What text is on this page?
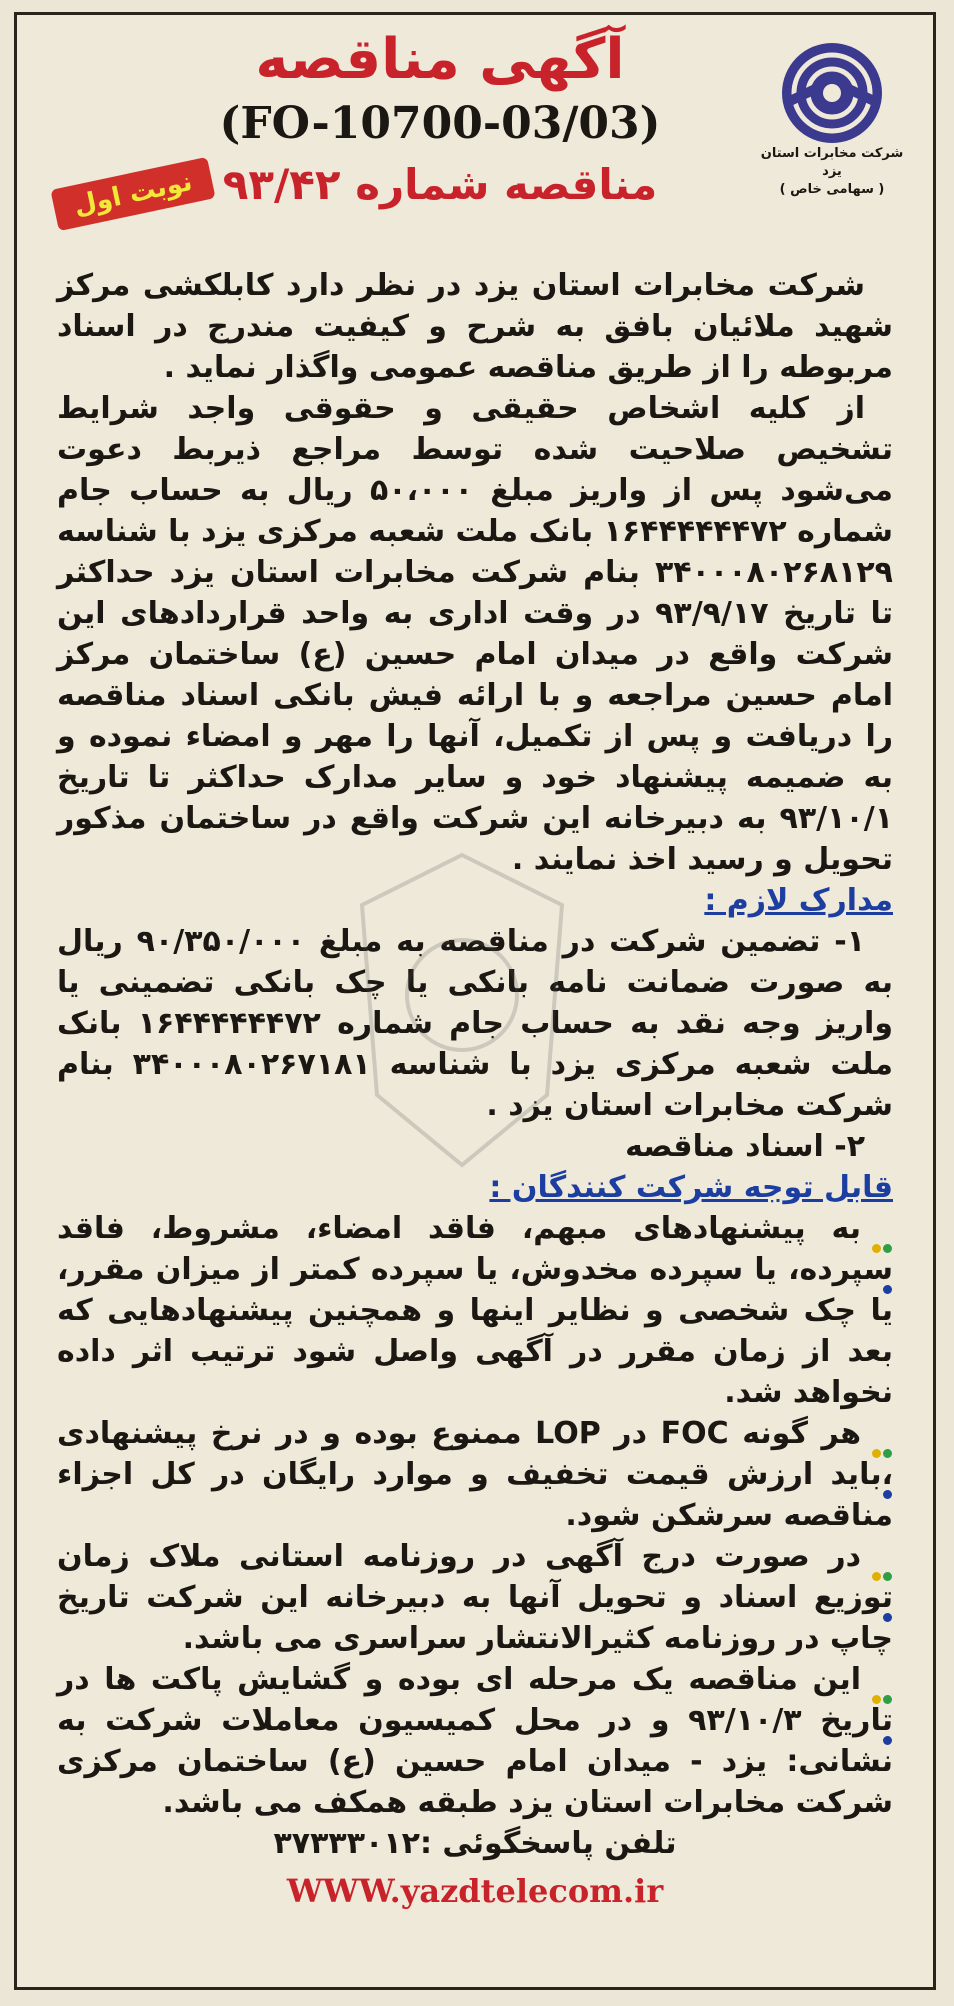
شرکت مخابرات استان یزد
( سهامی خاص )
آگهی مناقصه
(FO-10700-03/03)
مناقصه شماره ۹۳/۴۲
نوبت اول

شرکت مخابرات استان یزد در نظر دارد کابلکشی مرکز شهید ملائیان بافق به شرح و کیفیت مندرج در اسناد مربوطه را از طریق مناقصه عمومی واگذار نماید .

از کلیه اشخاص حقیقی و حقوقی واجد شرایط تشخیص صلاحیت شده توسط مراجع ذیربط دعوت می‌شود پس از واریز مبلغ ۵۰،۰۰۰ ریال به حساب جام شماره ۱۶۴۴۴۴۴۴۷۲ بانک ملت شعبه مرکزی یزد با شناسه ۳۴۰۰۰۸۰۲۶۸۱۲۹ بنام شرکت مخابرات استان یزد حداکثر تا تاریخ ۹۳/۹/۱۷ در وقت اداری به واحد قراردادهای این شرکت واقع در میدان امام حسین (ع) ساختمان مرکز امام حسین مراجعه و با ارائه فیش بانکی اسناد مناقصه را دریافت و پس از تکمیل، آنها را مهر و امضاء نموده و به ضمیمه پیشنهاد خود و سایر مدارک حداکثر تا تاریخ ۹۳/۱۰/۱ به دبیرخانه این شرکت واقع در ساختمان مذکور تحویل و رسید اخذ نمایند .

مدارک لازم :

۱- تضمین شرکت در مناقصه به مبلغ ۹۰/۳۵۰/۰۰۰ ریال به صورت ضمانت نامه بانکی یا چک بانکی تضمینی یا واریز وجه نقد به حساب جام شماره ۱۶۴۴۴۴۴۴۷۲ بانک ملت شعبه مرکزی یزد با شناسه ۳۴۰۰۰۸۰۲۶۷۱۸۱ بنام شرکت مخابرات استان یزد .

۲- اسناد مناقصه

قابل توجه شرکت کنندگان :

به پیشنهادهای مبهم، فاقد امضاء، مشروط، فاقد سپرده، یا سپرده مخدوش، یا سپرده کمتر از میزان مقرر، یا چک شخصی و نظایر اینها و همچنین پیشنهادهایی که بعد از زمان مقرر در آگهی واصل شود ترتیب اثر داده نخواهد شد.

هر گونه FOC در LOP ممنوع بوده و در نرخ پیشنهادی ،باید ارزش قیمت تخفیف و موارد رایگان در کل اجزاء مناقصه سرشکن شود.

در صورت درج آگهی در روزنامه استانی ملاک زمان توزیع اسناد و تحویل آنها به دبیرخانه این شرکت تاریخ چاپ در روزنامه کثیرالانتشار سراسری می باشد.

این مناقصه یک مرحله ای بوده و گشایش پاکت ها در تاریخ ۹۳/۱۰/۳ و در محل کمیسیون معاملات شرکت به نشانی: یزد - میدان امام حسین (ع) ساختمان مرکزی شرکت مخابرات استان یزد طبقه همکف می باشد.

تلفن پاسخگوئی :۳۷۳۳۳۰۱۲

WWW.yazdtelecom.ir
